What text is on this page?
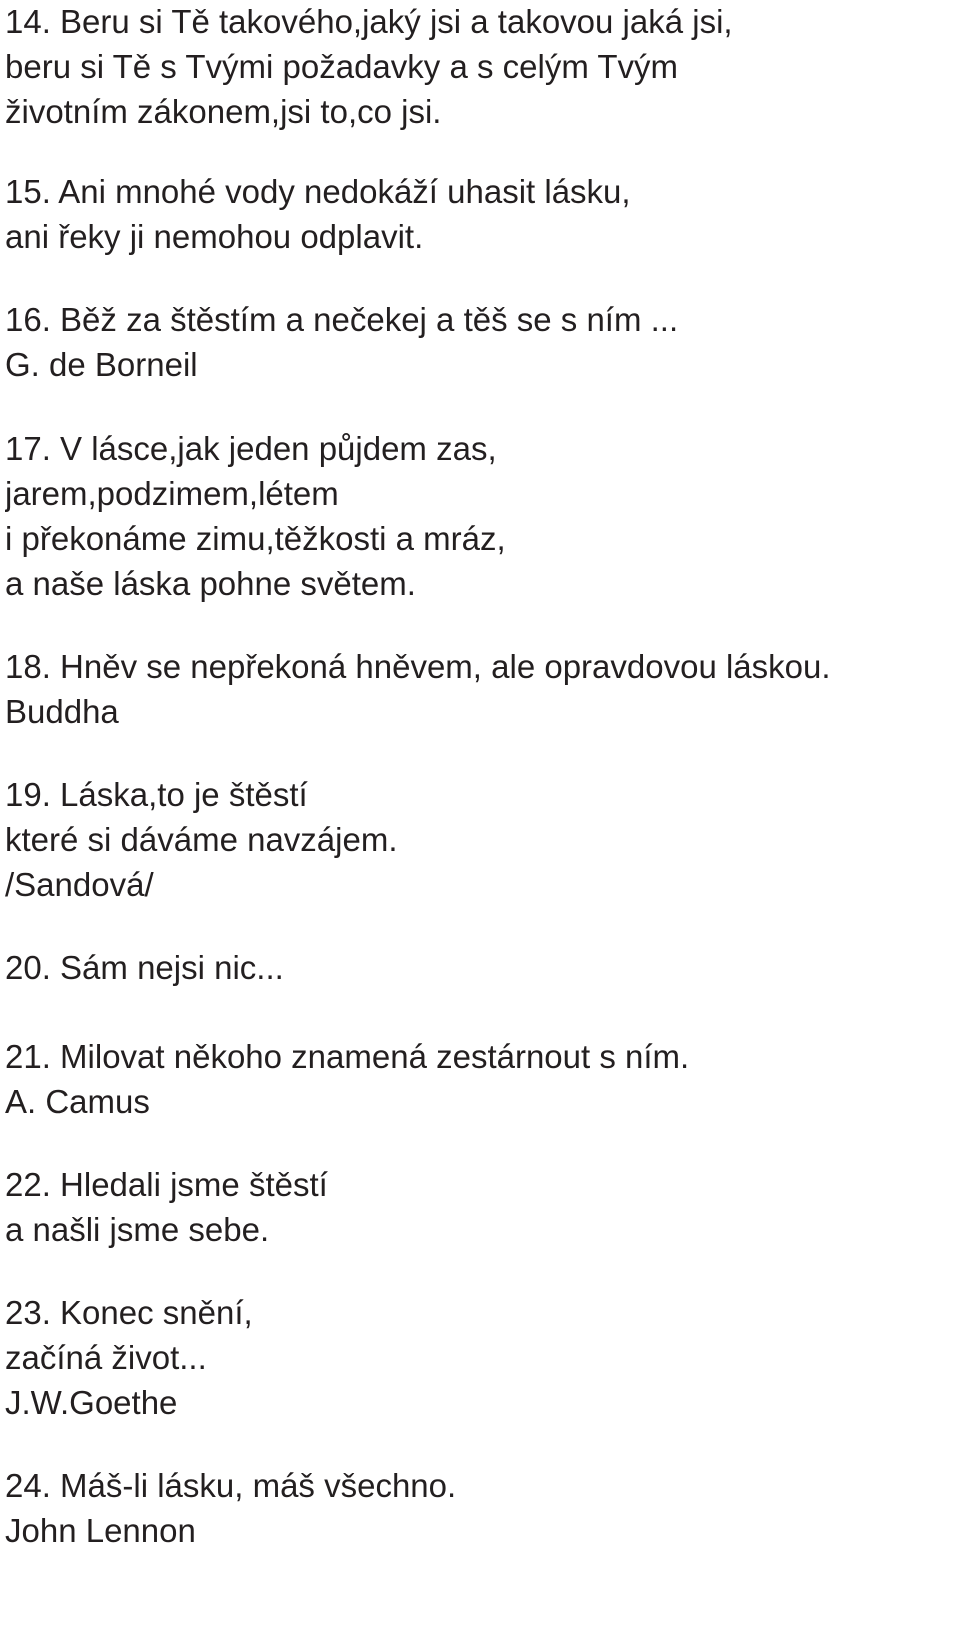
14. Beru si Tě takového,jaký jsi a takovou jaká jsi,
beru si Tě s Tvými požadavky a s celým Tvým
životním zákonem,jsi to,co jsi.
15. Ani mnohé vody nedokáží uhasit lásku,
ani řeky ji nemohou odplavit.
16. Běž za štěstím a nečekej a těš se s ním ...
G. de Borneil
17. V lásce,jak jeden půjdem zas,
jarem,podzimem,létem
i překonáme zimu,těžkosti a mráz,
a naše láska pohne světem.
18. Hněv se nepřekoná hněvem, ale opravdovou láskou.
Buddha
19. Láska,to je štěstí
které si dáváme navzájem.
/Sandová/
20. Sám nejsi nic...
21. Milovat někoho znamená zestárnout s ním.
A. Camus
22. Hledali jsme štěstí
a našli jsme sebe.
23. Konec snění,
začíná život...
J.W.Goethe
24. Máš-li lásku, máš všechno.
John Lennon
